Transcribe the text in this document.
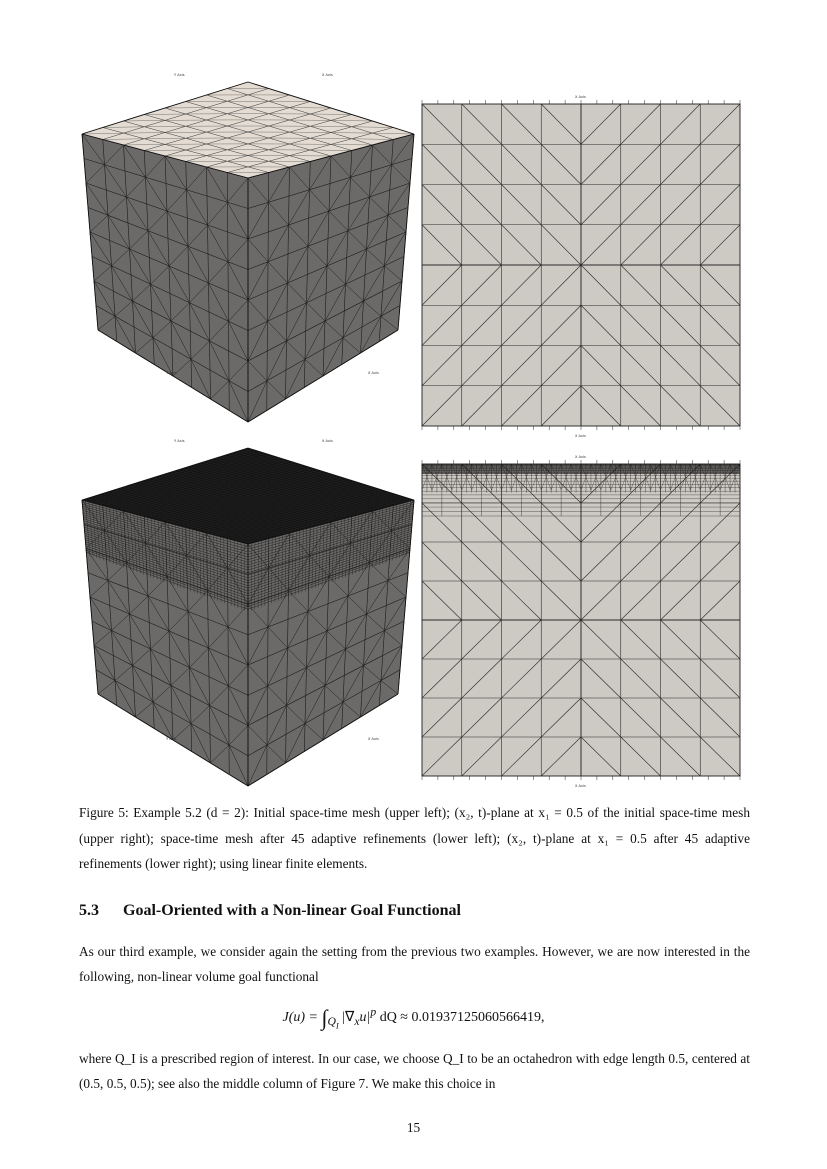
Y Axis	X Axis
Y Axis	X Axis
X Axis
X Axis
Y Axis	X Axis
Y Axis	X Axis
X Axis
X Axis
Figure 5: Example 5.2 (d = 2): Initial space-time mesh (upper left); (x₂, t)-plane at x₁ = 0.5 of the initial space-time mesh (upper right); space-time mesh after 45 adaptive refinements (lower left); (x₂, t)-plane at x₁ = 0.5 after 45 adaptive refinements (lower right); using linear finite elements.
5.3 Goal-Oriented with a Non-linear Goal Functional
As our third example, we consider again the setting from the previous two examples. However, we are now interested in the following, non-linear volume goal functional
$J(u) = \int_{Q_I}$ $|\nabla_xu|^p$ dQ ≈ 0.01937125060566419,
where Q_I is a prescribed region of interest. In our case, we choose Q_I to be an octahedron with edge length 0.5, centered at (0.5, 0.5, 0.5); see also the middle column of Figure 7. We make this choice in
15
